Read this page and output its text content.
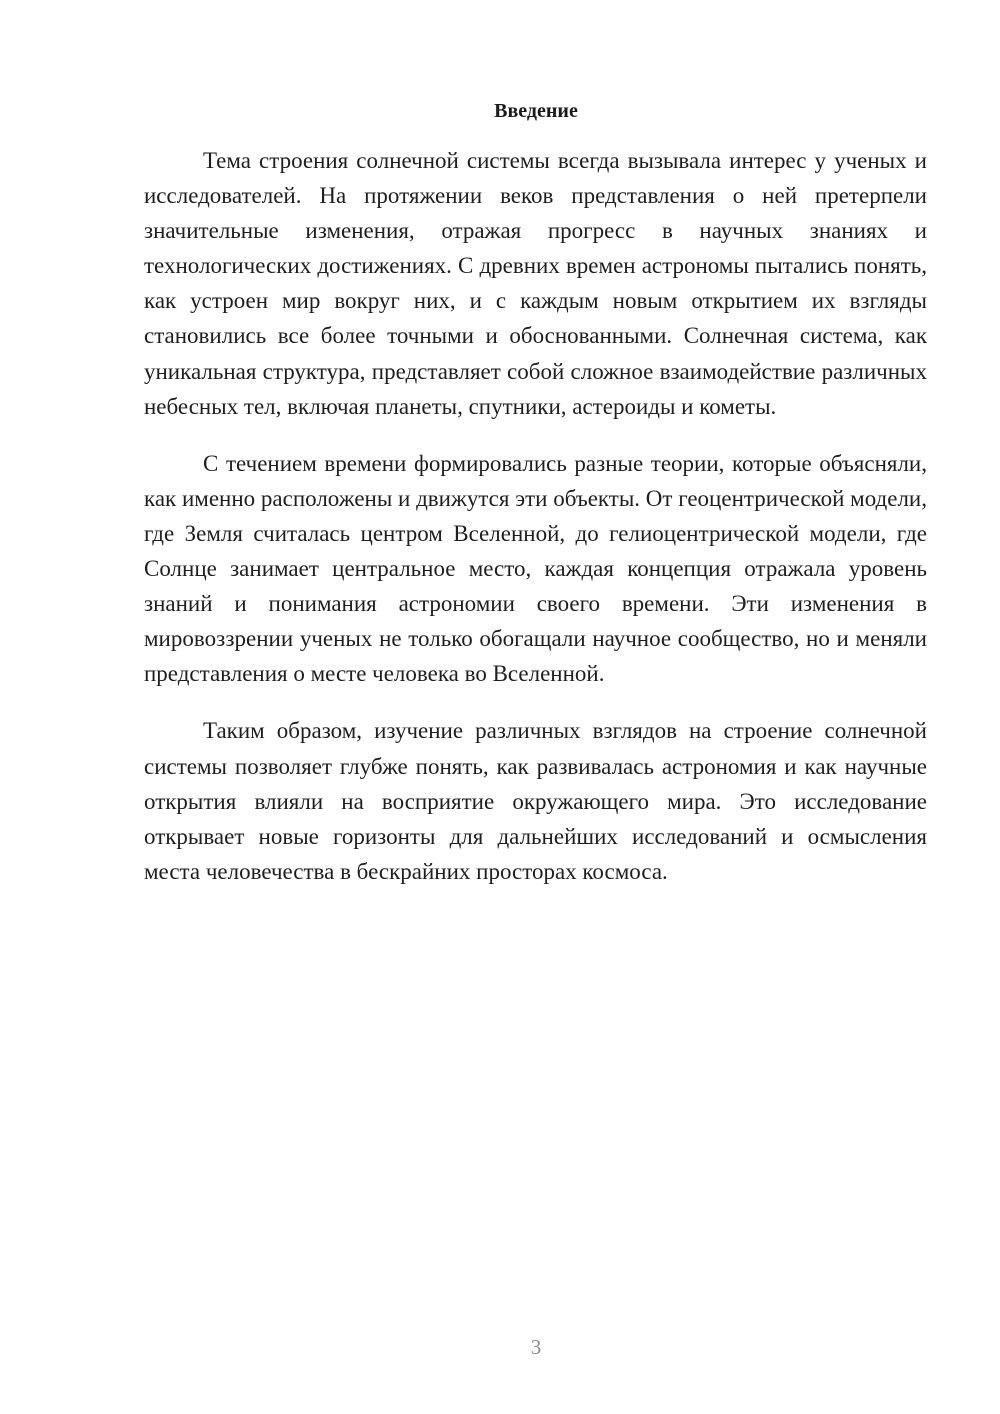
Введение

Тема строения солнечной системы всегда вызывала интерес у ученых и исследователей. На протяжении веков представления о ней претерпели значительные изменения, отражая прогресс в научных знаниях и технологических достижениях. С древних времен астрономы пытались понять, как устроен мир вокруг них, и с каждым новым открытием их взгляды становились все более точными и обоснованными. Солнечная система, как уникальная структура, представляет собой сложное взаимодействие различных небесных тел, включая планеты, спутники, астероиды и кометы.

С течением времени формировались разные теории, которые объясняли, как именно расположены и движутся эти объекты. От геоцентрической модели, где Земля считалась центром Вселенной, до гелиоцентрической модели, где Солнце занимает центральное место, каждая концепция отражала уровень знаний и понимания астрономии своего времени. Эти изменения в мировоззрении ученых не только обогащали научное сообщество, но и меняли представления о месте человека во Вселенной.

Таким образом, изучение различных взглядов на строение солнечной системы позволяет глубже понять, как развивалась астрономия и как научные открытия влияли на восприятие окружающего мира. Это исследование открывает новые горизонты для дальнейших исследований и осмысления места человечества в бескрайних просторах космоса.

3
